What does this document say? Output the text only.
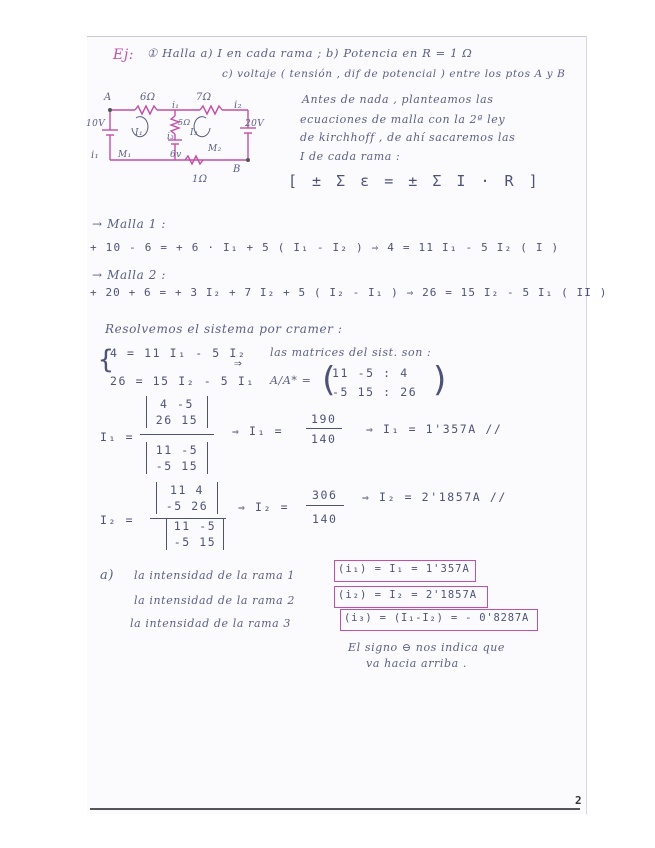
Ej: ① Halla a) I en cada rama ; b) Potencia en R = 1 Ω
c) voltaje ( tensión , dif de potencial ) entre los ptos A y B
A	6Ω	7Ω
i₁	i₂
10V	5Ω	20V
I₁	I₂
i₃
i₁ M₁	6v
M₂
B
1Ω
Antes de nada , planteamos las
ecuaciones de malla con la 2ª ley
de kirchhoff , de ahí sacaremos las
I de cada rama :
[ ± Σ ε = ± Σ I · R ]
→ Malla 1 :
+ 10 - 6 = + 6 · I₁ + 5 ( I₁ - I₂ ) ⇒ 4 = 11 I₁ - 5 I₂ ( I )
→ Malla 2 :
+ 20 + 6 = + 3 I₂ + 7 I₂ + 5 ( I₂ - I₁ ) ⇒ 26 = 15 I₂ - 5 I₁ ( II )
Resolvemos el sistema por cramer :
{
4 = 11 I₁ - 5 I₂
26 = 15 I₂ - 5 I₁
⇒
las matrices del sist. son :
A/A* = (
11 -5 : 4
-5 15 : 26 )
I₁ =
4 -5
26 15
11 -5
-5 15
⇒ I₁ =
190
140
⇒ I₁ = 1'357A //
I₂ =
11 4
-5 26
11 -5
-5 15
⇒ I₂ =
306
140
⇒ I₂ = 2'1857A //
a) la intensidad de la rama 1	(i₁) = I₁ = 1'357A
la intensidad de la rama 2	(i₂) = I₂ = 2'1857A
la intensidad de la rama 3	(i₃) = (I₁-I₂) = - 0'8287A
El signo ⊖ nos indica que
va hacia arriba .
2
